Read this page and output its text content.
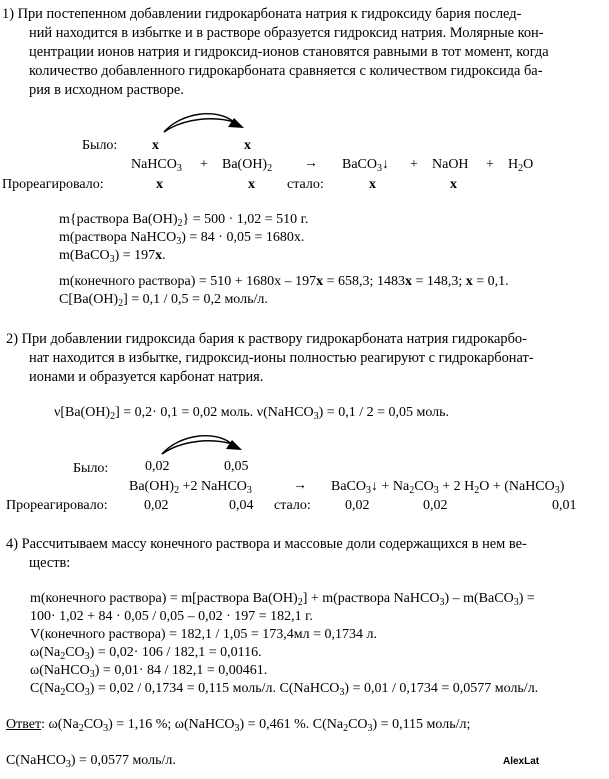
1) При постепенном добавлении гидрокарбоната натрия к гидроксиду бария послед-
ний находится в избытке и в растворе образуется гидроксид натрия. Молярные кон-
центрации ионов натрия и гидроксид-ионов становятся равными в тот момент, когда
количество добавленного гидрокарбоната сравняется с количеством гидроксида ба-
рия в исходном растворе.
Было: x	x
NaHCO$_3$ + $Ba(OH)_2$ → BaCO$_3$↓ + NaOH + $H_2O$
Прореагировало:	x	x стало:	x	x
m{раствора $Ba(OH)_2\} = 500 \cdot 1,02 = 510$ г.
m(раствора NaHCO$_3$) = 84 · 0,05 = 1680x.
m(BaCO$_3$) = 197x.
m(конечного раствора) = 510 + 1680x – 197x = 658,3; 1483x = 148,3; x = 0,1.
$C[Ba(OH)_2] = 0,1 / 0,5 = 0,2$ моль/л.
2) При добавлении гидроксида бария к раствору гидрокарбоната натрия гидрокарбо-
нат находится в избытке, гидроксид-ионы полностью реагируют с гидрокарбонат-
ионами и образуется карбонат натрия.
$\nu[Ba(OH)_2] = 0,2\cdot 0,1 = 0,02$ моль. ν(NaHCO$_3$) = 0,1 / 2 = 0,05 моль.
Было:	0,02	0,05
$Ba(OH)_2 +2$ NaHCO$_3$	→ BaCO$_3$↓ + $Na_2CO_3 + 2$ $H_2O$ + (NaHCO$_3$)
Прореагировало:	0,02	0,04 стало: 0,02	0,02	0,01
4) Рассчитываем массу конечного раствора и массовые доли содержащихся в нем ве-
ществ:
m(конечного раствора) = m[раствора $Ba(OH)_2$] + m(раствора NaHCO$_3$) – m(BaCO$_3$) =
100· 1,02 + 84 · 0,05 / 0,05 – 0,02 · 197 = 182,1 г.
V(конечного раствора) = 182,1 / 1,05 = 173,4мл = 0,1734 л.
$\omega(Na_2CO_3) = 0,02\cdot 106 / 182,1 = 0,0116$.
ω(NaHCO$_3$) = 0,01· 84 / 182,1 = 0,00461.
$C(Na_2CO_3) = 0,02 / 0,1734 = 0,115$ моль/л. C(NaHCO$_3$) = 0,01 / 0,1734 = 0,0577 моль/л.
Ответ: $\omega(Na_2CO_3) = 1,16$ %; ω(NaHCO$_3$) = 0,461 %. $C(Na_2CO_3) = 0,115$ моль/л;
C(NaHCO$_3$) = 0,0577 моль/л.	AlexLat
